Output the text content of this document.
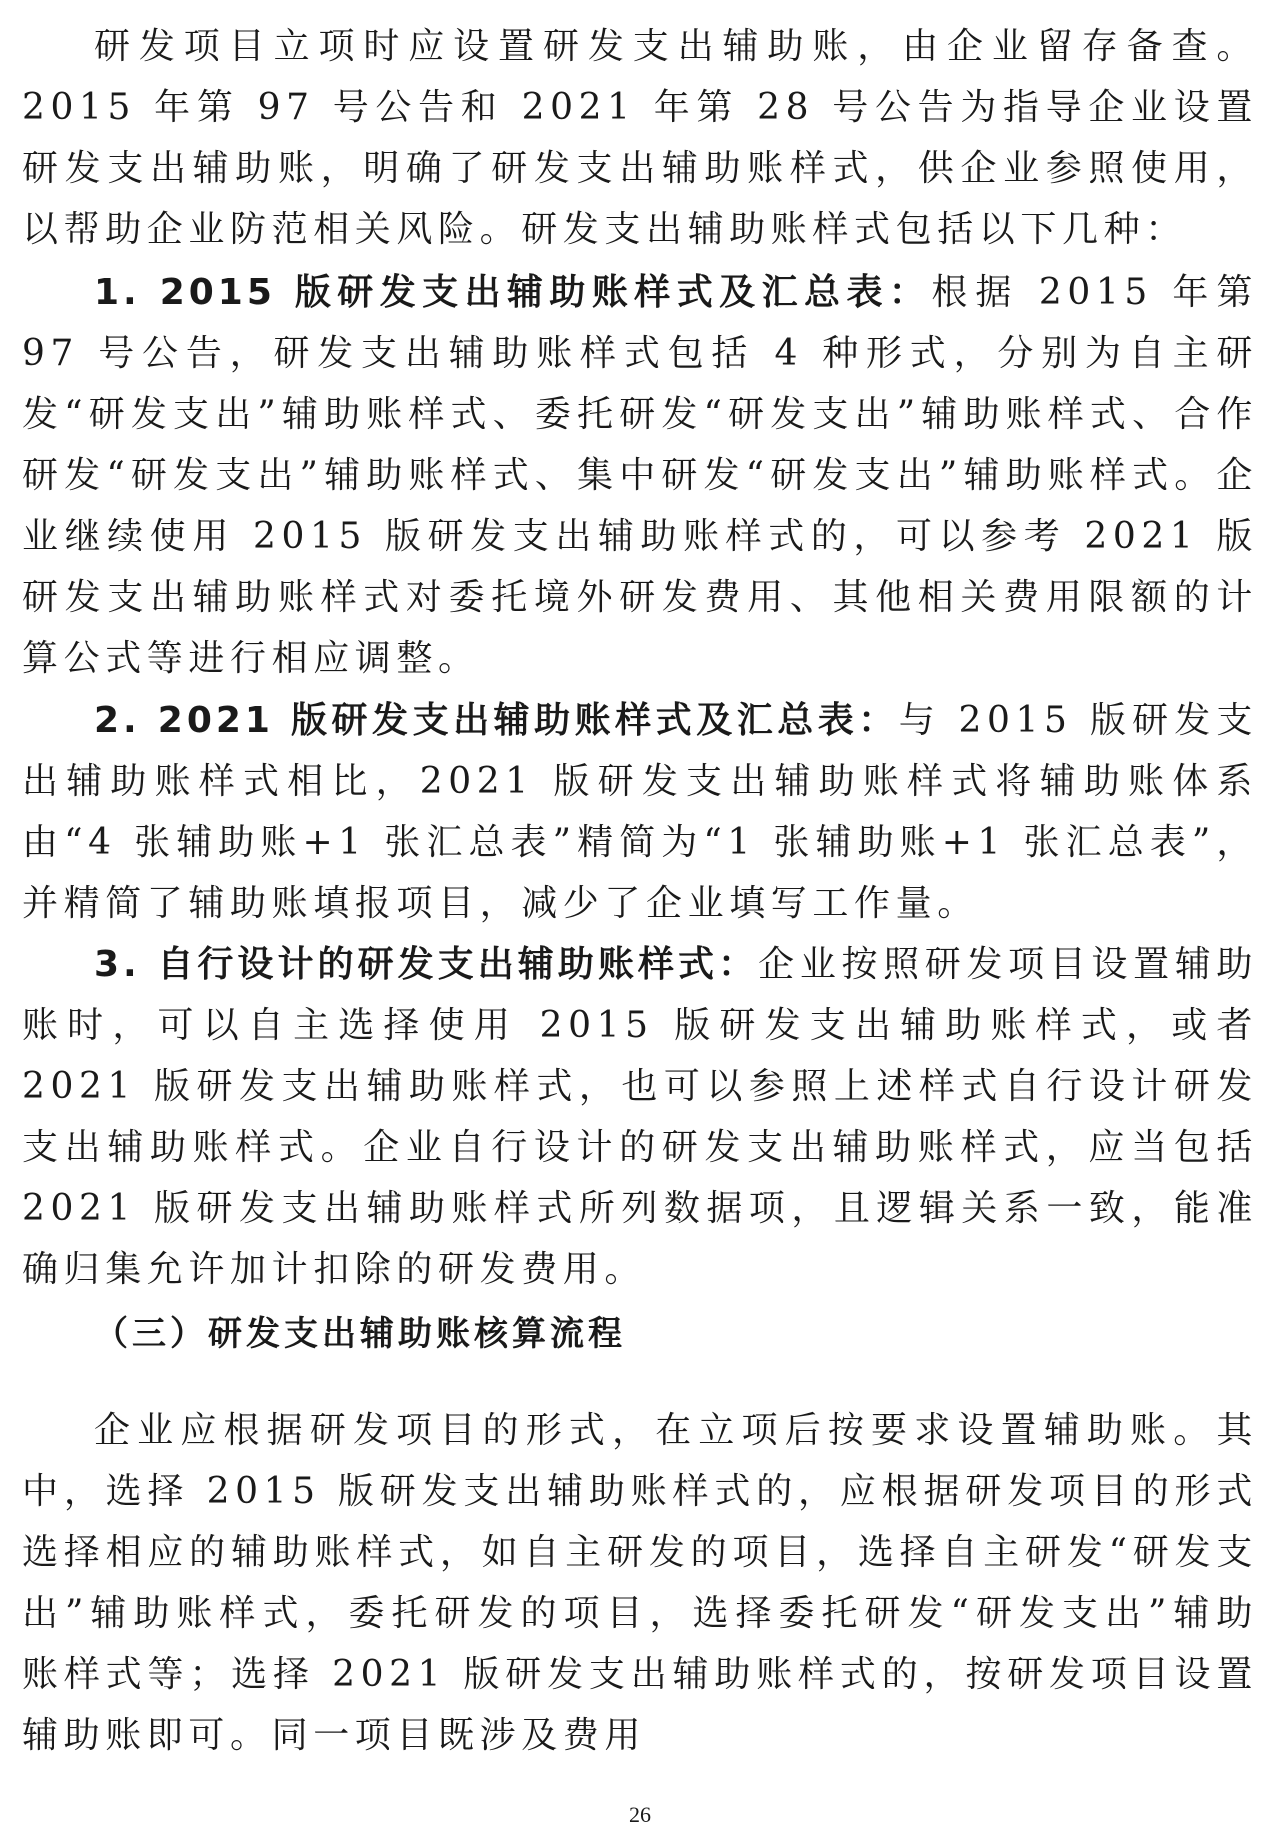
研发项目立项时应设置研发支出辅助账，由企业留存备查。2015 年第 97 号公告和 2021 年第 28 号公告为指导企业设置研发支出辅助账，明确了研发支出辅助账样式，供企业参照使用，以帮助企业防范相关风险。研发支出辅助账样式包括以下几种：

1. 2015 版研发支出辅助账样式及汇总表：根据 2015 年第 97 号公告，研发支出辅助账样式包括 4 种形式，分别为自主研发“研发支出”辅助账样式、委托研发“研发支出”辅助账样式、合作研发“研发支出”辅助账样式、集中研发“研发支出”辅助账样式。企业继续使用 2015 版研发支出辅助账样式的，可以参考 2021 版研发支出辅助账样式对委托境外研发费用、其他相关费用限额的计算公式等进行相应调整。

2. 2021 版研发支出辅助账样式及汇总表：与 2015 版研发支出辅助账样式相比，2021 版研发支出辅助账样式将辅助账体系由“4 张辅助账+1 张汇总表”精简为“1 张辅助账+1 张汇总表”，并精简了辅助账填报项目，减少了企业填写工作量。

3. 自行设计的研发支出辅助账样式：企业按照研发项目设置辅助账时，可以自主选择使用 2015 版研发支出辅助账样式，或者 2021 版研发支出辅助账样式，也可以参照上述样式自行设计研发支出辅助账样式。企业自行设计的研发支出辅助账样式，应当包括 2021 版研发支出辅助账样式所列数据项，且逻辑关系一致，能准确归集允许加计扣除的研发费用。

（三）研发支出辅助账核算流程

企业应根据研发项目的形式，在立项后按要求设置辅助账。其中，选择 2015 版研发支出辅助账样式的，应根据研发项目的形式选择相应的辅助账样式，如自主研发的项目，选择自主研发“研发支出”辅助账样式，委托研发的项目，选择委托研发“研发支出”辅助账样式等；选择 2021 版研发支出辅助账样式的，按研发项目设置辅助账即可。同一项目既涉及费用

26
